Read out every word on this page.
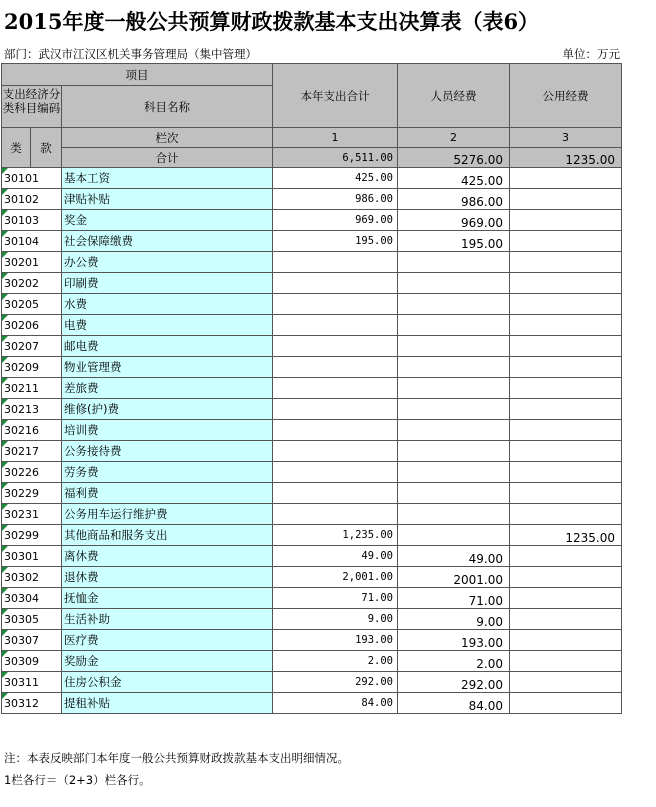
2015年度一般公共预算财政拨款基本支出决算表（表6）
部门：武汉市江汉区机关事务管理局（集中管理）	单位：万元
项目			本年支出合计	人员经费	公用经费
支出经济分类科目编码		科目名称			

类	款	栏次	1	2	3
		合计	6,511.00	5276.00	1235.00
30101		基本工资	425.00	425.00	
30102		津贴补贴	986.00	986.00	
30103		奖金	969.00	969.00	
30104		社会保障缴费	195.00	195.00	
30201		办公费			
30202		印刷费			
30205		水费			
30206		电费			
30207		邮电费			
30209		物业管理费			
30211		差旅费			
30213		维修(护)费			
30216		培训费			
30217		公务接待费			
30226		劳务费			
30229		福利费			
30231		公务用车运行维护费			
30299		其他商品和服务支出	1,235.00		1235.00
30301		离休费	49.00	49.00	
30302		退休费	2,001.00	2001.00	
30304		抚恤金	71.00	71.00	
30305		生活补助	9.00	9.00	
30307		医疗费	193.00	193.00	
30309		奖励金	2.00	2.00	
30311		住房公积金	292.00	292.00	
30312		提租补贴	84.00	84.00	
注：本表反映部门本年度一般公共预算财政拨款基本支出明细情况。
1栏各行＝（2+3）栏各行。
